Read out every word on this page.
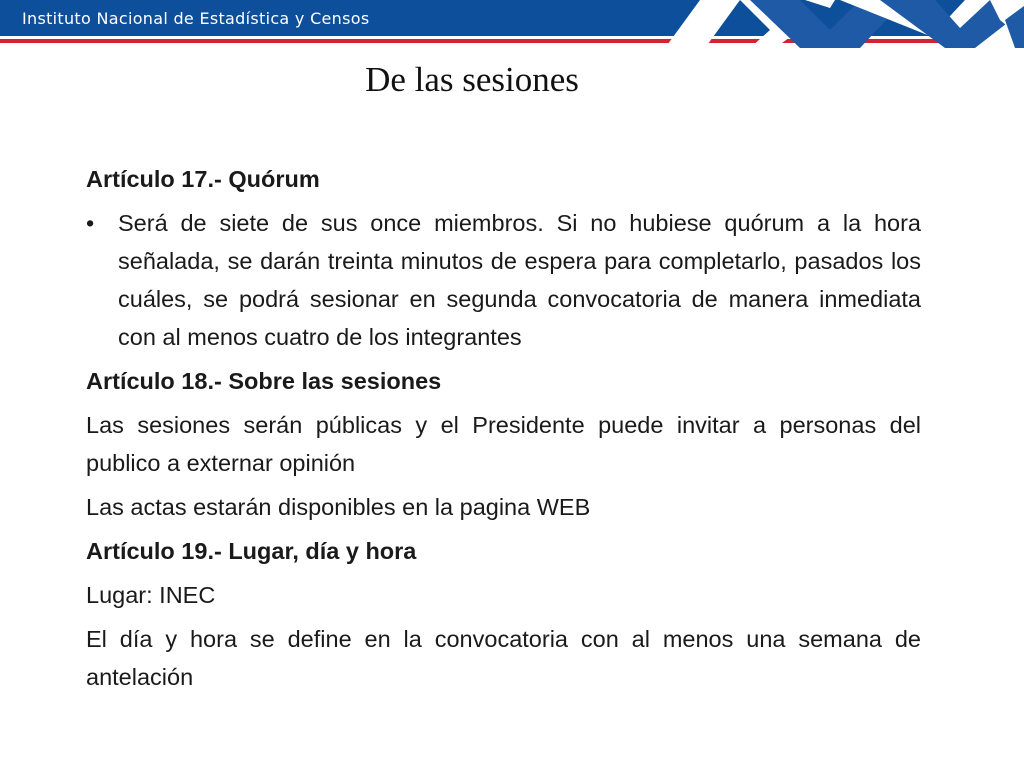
Instituto Nacional de Estadística y Censos
De las sesiones

Artículo 17.- Quórum

•	Será de siete de sus once miembros. Si no hubiese quórum a la hora señalada, se darán treinta minutos de espera para completarlo, pasados los cuáles, se podrá sesionar en segunda convocatoria de manera inmediata con al menos cuatro de los integrantes

Artículo 18.- Sobre las sesiones

Las sesiones serán públicas y el Presidente puede invitar a personas del publico a externar opinión

Las actas estarán disponibles en la pagina WEB

Artículo 19.- Lugar, día y hora

Lugar: INEC

El día y hora se define en la convocatoria con al menos una semana de antelación
